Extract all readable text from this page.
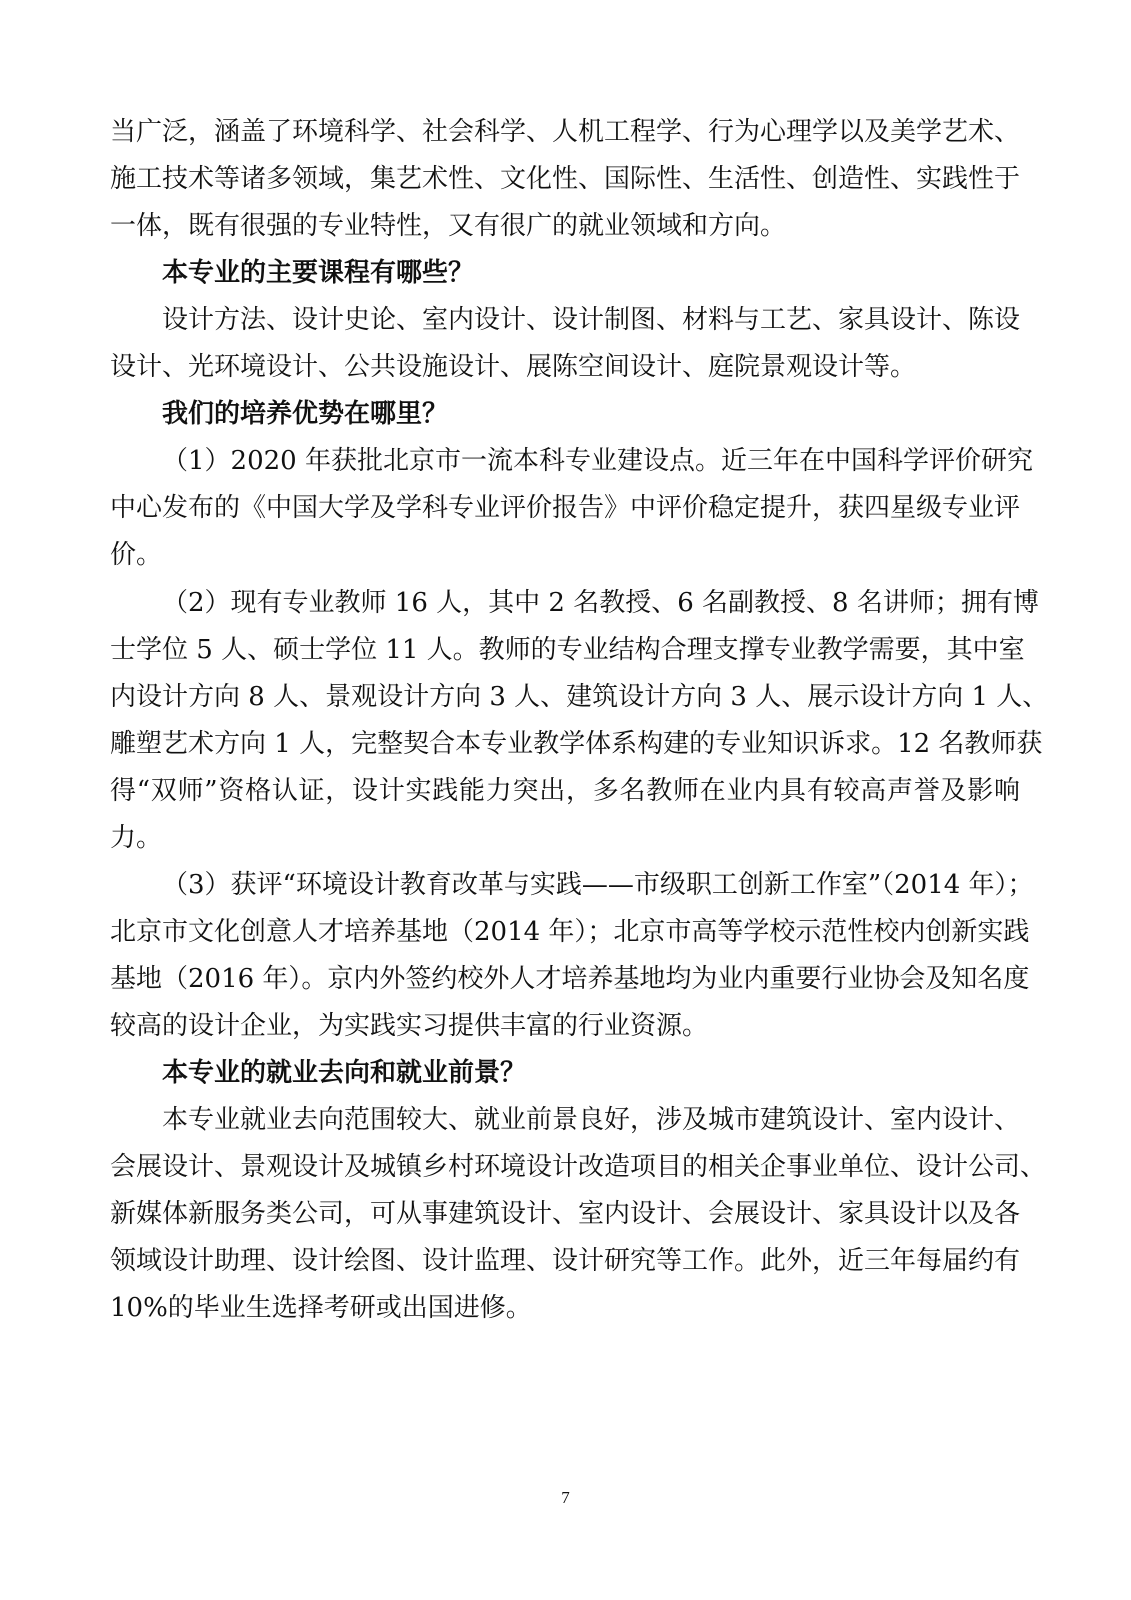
当广泛，涵盖了环境科学、社会科学、人机工程学、行为心理学以及美学艺术、
施工技术等诸多领域，集艺术性、文化性、国际性、生活性、创造性、实践性于
一体，既有很强的专业特性，又有很广的就业领域和方向。
本专业的主要课程有哪些？
设计方法、设计史论、室内设计、设计制图、材料与工艺、家具设计、陈设
设计、光环境设计、公共设施设计、展陈空间设计、庭院景观设计等。
我们的培养优势在哪里？
（1）2020 年获批北京市一流本科专业建设点。近三年在中国科学评价研究
中心发布的《中国大学及学科专业评价报告》中评价稳定提升，获四星级专业评
价。
（2）现有专业教师 16 人，其中 2 名教授、6 名副教授、8 名讲师；拥有博
士学位 5 人、硕士学位 11 人。教师的专业结构合理支撑专业教学需要，其中室
内设计方向 8 人、景观设计方向 3 人、建筑设计方向 3 人、展示设计方向 1 人、
雕塑艺术方向 1 人，完整契合本专业教学体系构建的专业知识诉求。12 名教师获
得“双师”资格认证，设计实践能力突出，多名教师在业内具有较高声誉及影响
力。
（3）获评“环境设计教育改革与实践——市级职工创新工作室”（2014 年）；
北京市文化创意人才培养基地（2014 年）；北京市高等学校示范性校内创新实践
基地（2016 年）。京内外签约校外人才培养基地均为业内重要行业协会及知名度
较高的设计企业，为实践实习提供丰富的行业资源。
本专业的就业去向和就业前景？
本专业就业去向范围较大、就业前景良好，涉及城市建筑设计、室内设计、
会展设计、景观设计及城镇乡村环境设计改造项目的相关企事业单位、设计公司、
新媒体新服务类公司，可从事建筑设计、室内设计、会展设计、家具设计以及各
领域设计助理、设计绘图、设计监理、设计研究等工作。此外，近三年每届约有
10%的毕业生选择考研或出国进修。
7
